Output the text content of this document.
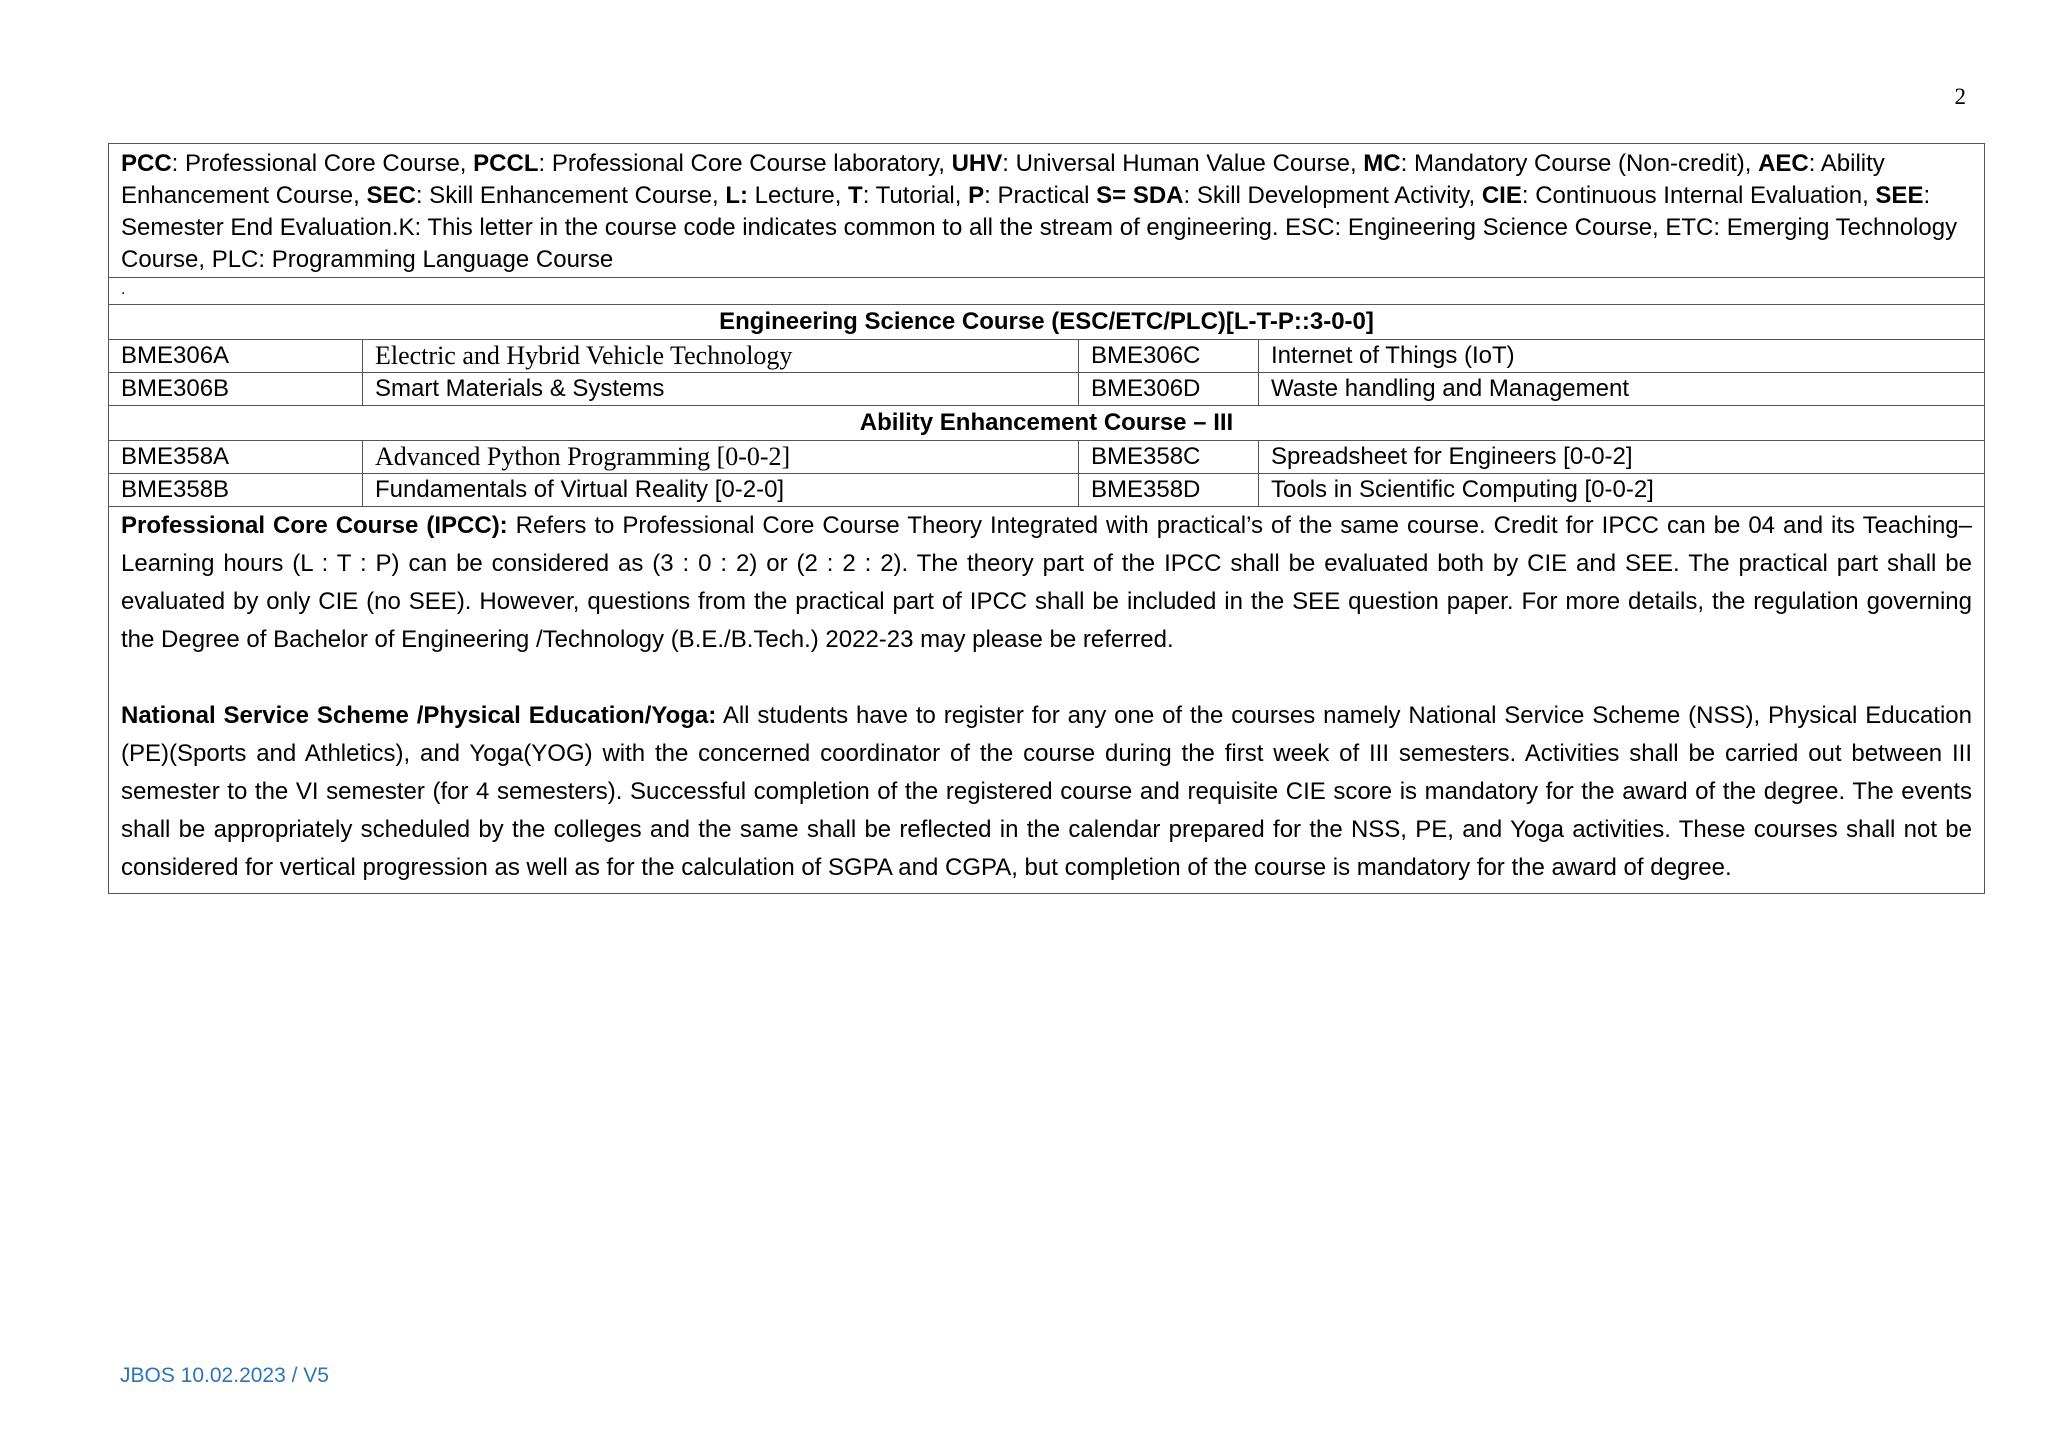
2
PCC: Professional Core Course, PCCL: Professional Core Course laboratory, UHV: Universal Human Value Course, MC: Mandatory Course (Non-credit), AEC: Ability Enhancement Course, SEC: Skill Enhancement Course, L: Lecture, T: Tutorial, P: Practical S= SDA: Skill Development Activity, CIE: Continuous Internal Evaluation, SEE: Semester End Evaluation.K: This letter in the course code indicates common to all the stream of engineering. ESC: Engineering Science Course, ETC: Emerging Technology Course, PLC: Programming Language Course			
.			
Engineering Science Course (ESC/ETC/PLC)[L-T-P::3-0-0]			
BME306A	Electric and Hybrid Vehicle Technology	BME306C	Internet of Things (IoT)
BME306B	Smart Materials & Systems	BME306D	Waste handling and Management
Ability Enhancement Course – III			
BME358A	Advanced Python Programming [0-0-2]	BME358C	Spreadsheet for Engineers [0-0-2]
BME358B	Fundamentals of Virtual Reality [0-2-0]	BME358D	Tools in Scientific Computing [0-0-2]

Professional Core Course (IPCC): Refers to Professional Core Course Theory Integrated with practical’s of the same course. Credit for IPCC can be 04 and its Teaching–Learning hours (L : T : P) can be considered as (3 : 0 : 2) or (2 : 2 : 2). The theory part of the IPCC shall be evaluated both by CIE and SEE. The practical part shall be evaluated by only CIE (no SEE). However, questions from the practical part of IPCC shall be included in the SEE question paper. For more details, the regulation governing the Degree of Bachelor of Engineering /Technology (B.E./B.Tech.) 2022-23 may please be referred.

National Service Scheme /Physical Education/Yoga: All students have to register for any one of the courses namely National Service Scheme (NSS), Physical Education (PE)(Sports and Athletics), and Yoga(YOG) with the concerned coordinator of the course during the first week of III semesters. Activities shall be carried out between III semester to the VI semester (for 4 semesters). Successful completion of the registered course and requisite CIE score is mandatory for the award of the degree. The events shall be appropriately scheduled by the colleges and the same shall be reflected in the calendar prepared for the NSS, PE, and Yoga activities. These courses shall not be considered for vertical progression as well as for the calculation of SGPA and CGPA, but completion of the course is mandatory for the award of degree.			

JBOS 10.02.2023 / V5
